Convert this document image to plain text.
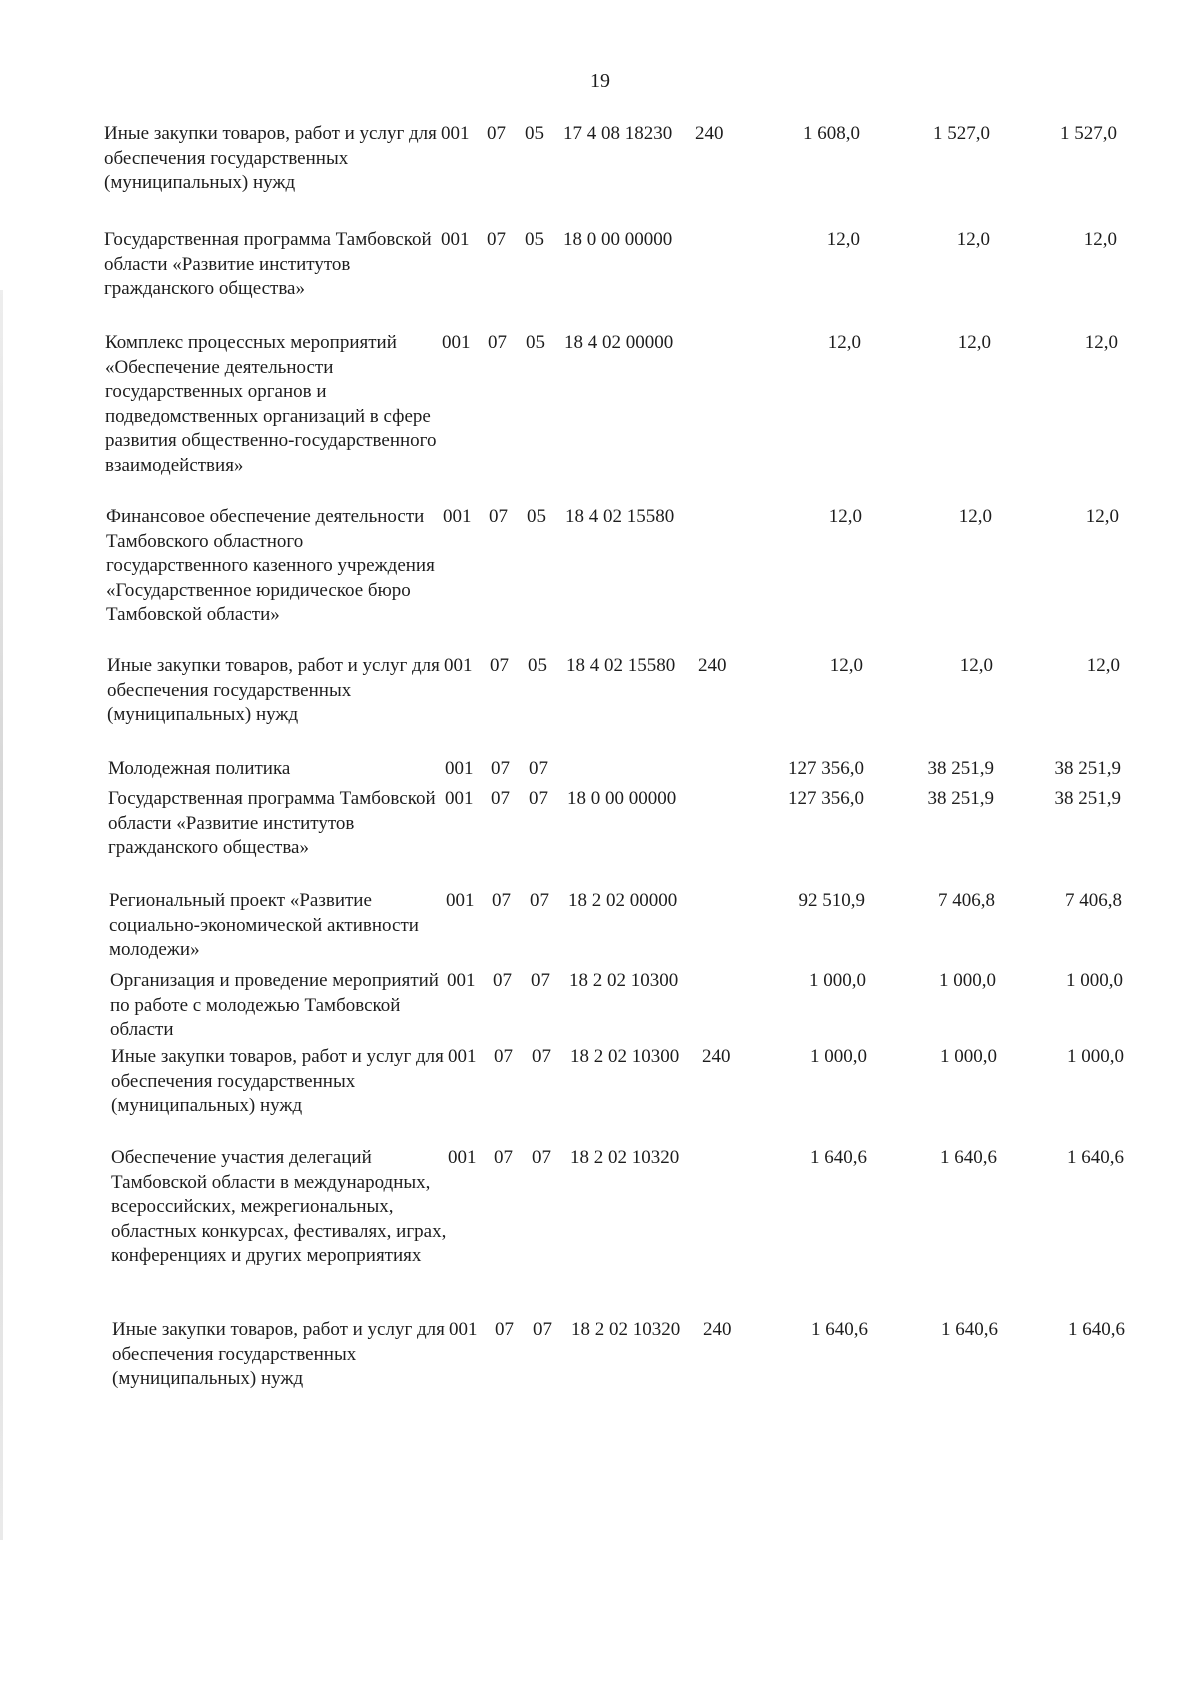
19
Иные закупки товаров, работ и услуг для обеспечения государственных (муниципальных) нужд
001 07 05 17 4 08 18230 240	1 608,0	1 527,0	1 527,0
Государственная программа Тамбовской области «Развитие институтов гражданского общества»
001 07 05 18 0 00 00000	12,0	12,0	12,0
Комплекс процессных мероприятий «Обеспечение деятельности государственных органов и подведомственных организаций в сфере развития общественно-государственного взаимодействия»
001 07 05 18 4 02 00000	12,0	12,0	12,0
Финансовое обеспечение деятельности Тамбовского областного государственного казенного учреждения «Государственное юридическое бюро Тамбовской области»
001 07 05 18 4 02 15580	12,0	12,0	12,0
Иные закупки товаров, работ и услуг для обеспечения государственных (муниципальных) нужд
001 07 05 18 4 02 15580 240	12,0	12,0	12,0
Молодежная политика	001 07 07	127 356,0	38 251,9	38 251,9
Государственная программа Тамбовской области «Развитие институтов гражданского общества»
001 07 07 18 0 00 00000	127 356,0	38 251,9	38 251,9
Региональный проект «Развитие социально-экономической активности молодежи»
001 07 07 18 2 02 00000	92 510,9	7 406,8	7 406,8
Организация и проведение мероприятий по работе с молодежью Тамбовской области
001 07 07 18 2 02 10300	1 000,0	1 000,0	1 000,0
Иные закупки товаров, работ и услуг для обеспечения государственных (муниципальных) нужд
001 07 07 18 2 02 10300 240	1 000,0	1 000,0	1 000,0
Обеспечение участия делегаций Тамбовской области в международных, всероссийских, межрегиональных, областных конкурсах, фестивалях, играх, конференциях и других мероприятиях
001 07 07 18 2 02 10320	1 640,6	1 640,6	1 640,6
Иные закупки товаров, работ и услуг для обеспечения государственных (муниципальных) нужд
001 07 07 18 2 02 10320 240	1 640,6	1 640,6	1 640,6
